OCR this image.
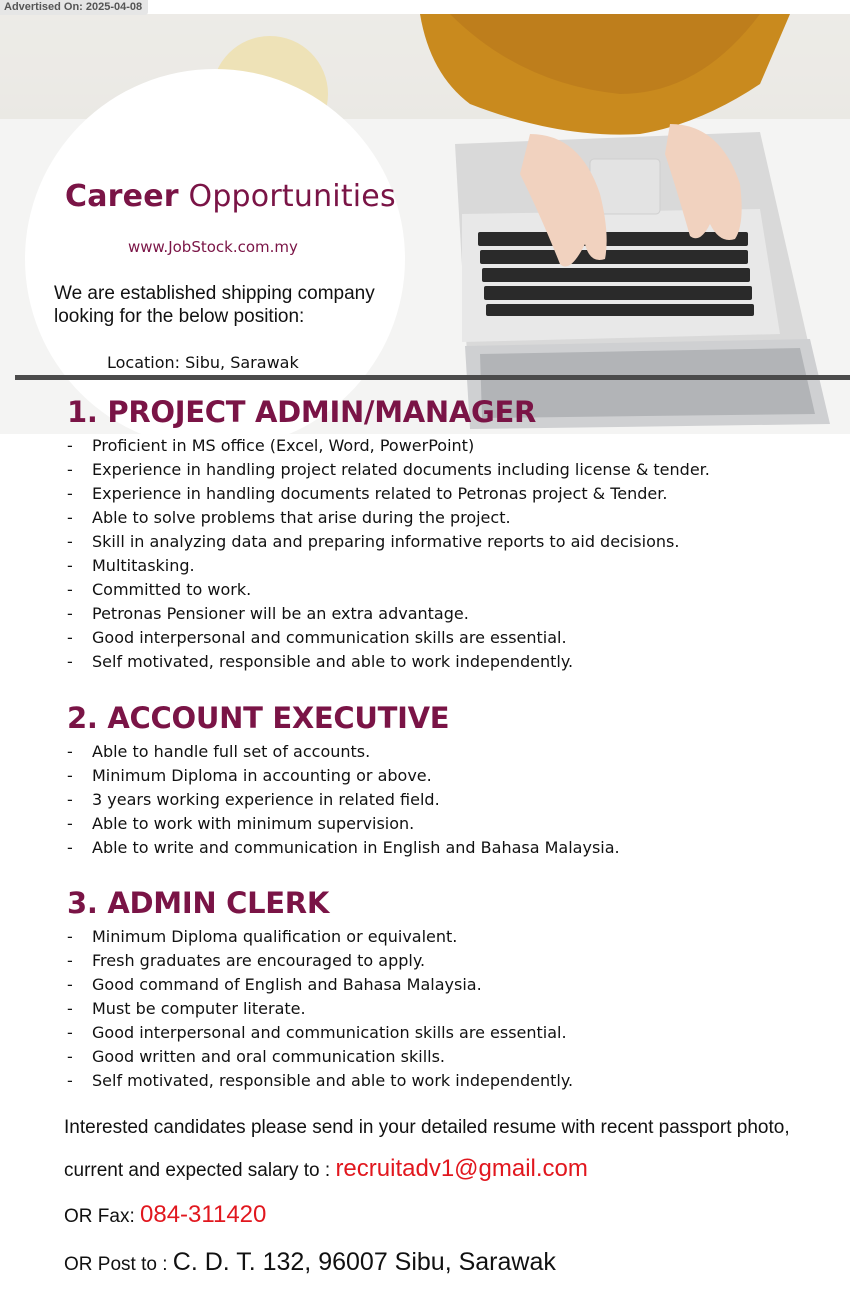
Advertised On: 2025-04-08
Career Opportunities
www.JobStock.com.my
We are established shipping company looking for the below position:
Location: Sibu, Sarawak
1. PROJECT ADMIN/MANAGER
- Proficient in MS office (Excel, Word, PowerPoint)
- Experience in handling project related documents including license & tender.
- Experience in handling documents related to Petronas project & Tender.
- Able to solve problems that arise during the project.
- Skill in analyzing data and preparing informative reports to aid decisions.
- Multitasking.
- Committed to work.
- Petronas Pensioner will be an extra advantage.
- Good interpersonal and communication skills are essential.
- Self motivated, responsible and able to work independently.
2. ACCOUNT EXECUTIVE
- Able to handle full set of accounts.
- Minimum Diploma in accounting or above.
- 3 years working experience in related field.
- Able to work with minimum supervision.
- Able to write and communication in English and Bahasa Malaysia.
3. ADMIN CLERK
- Minimum Diploma qualification or equivalent.
- Fresh graduates are encouraged to apply.
- Good command of English and Bahasa Malaysia.
- Must be computer literate.
- Good interpersonal and communication skills are essential.
- Good written and oral communication skills.
- Self motivated, responsible and able to work independently.
Interested candidates please send in your detailed resume with recent passport photo,
current and expected salary to : recruitadv1@gmail.com
OR Fax: 084-311420
OR Post to : C. D. T. 132, 96007 Sibu, Sarawak
